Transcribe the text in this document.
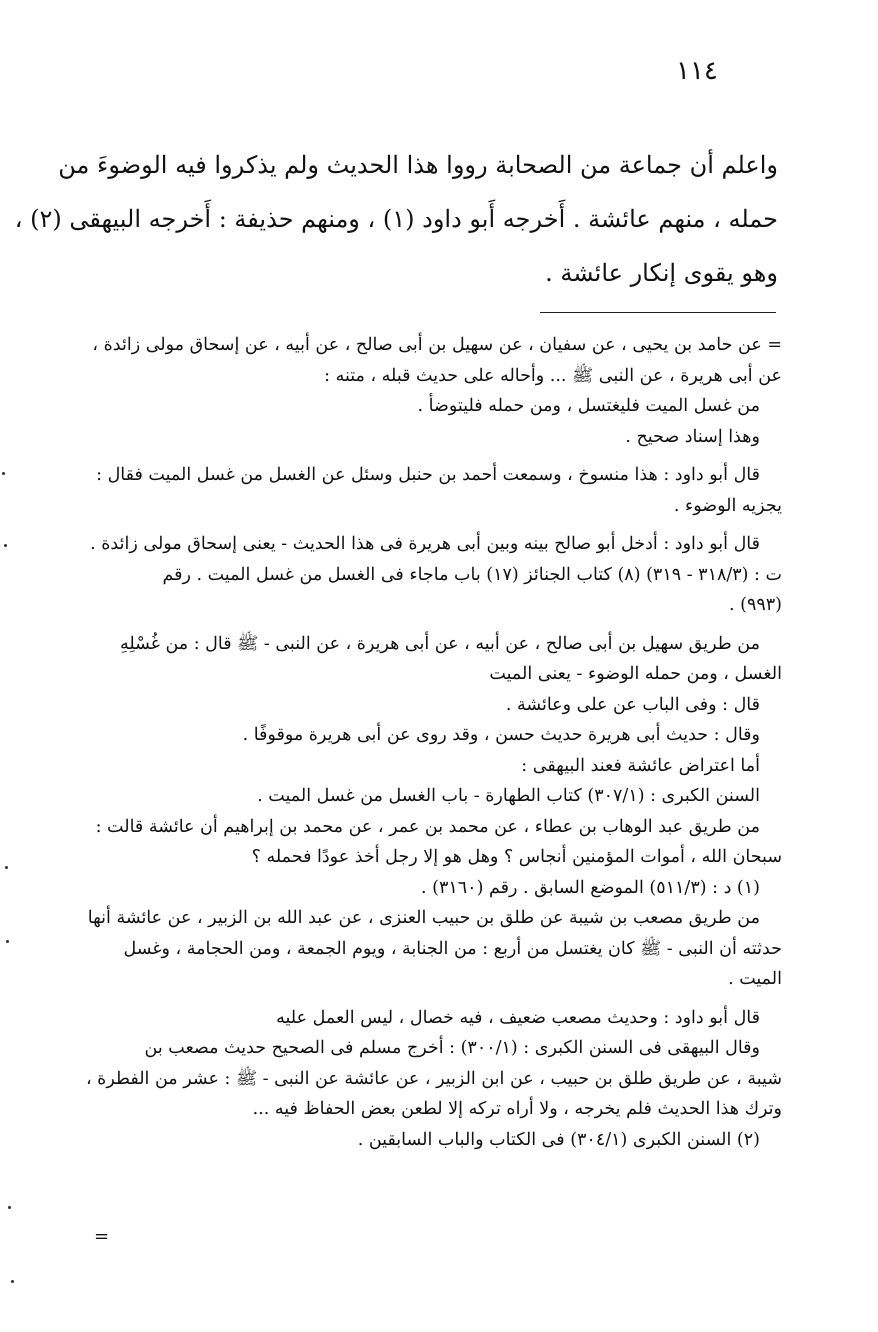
١١٤
واعلم أن جماعة من الصحابة رووا هذا الحديث ولم يذكروا فيه الوضوءَ من
حمله ، منهم عائشة . أَخرجه أَبو داود (١) ، ومنهم حذيفة : أَخرجه البيهقى (٢) ،
وهو يقوى إنكار عائشة .
= عن حامد بن يحيى ، عن سفيان ، عن سهيل بن أبى صالح ، عن أبيه ، عن إسحاق مولى زائدة ،
عن أبى هريرة ، عن النبى ﷺ ... وأحاله على حديث قبله ، متنه :
من غسل الميت فليغتسل ، ومن حمله فليتوضأ .
وهذا إسناد صحيح .
قال أبو داود : هذا منسوخ ، وسمعت أحمد بن حنبل وسئل عن الغسل من غسل الميت فقال :
يجزيه الوضوء .
قال أبو داود : أدخل أبو صالح بينه وبين أبى هريرة فى هذا الحديث - يعنى إسحاق مولى زائدة .
ت : (٣١٨/٣ - ٣١٩) (٨) كتاب الجنائز (١٧) باب ماجاء فى الغسل من غسل الميت . رقم
(٩٩٣) .
من طريق سهيل بن أبى صالح ، عن أبيه ، عن أبى هريرة ، عن النبى - ﷺ قال : من غُسْلِهِ
الغسل ، ومن حمله الوضوء - يعنى الميت
قال : وفى الباب عن على وعائشة .
وقال : حديث أبى هريرة حديث حسن ، وقد روى عن أبى هريرة موقوفًا .
أما اعتراض عائشة فعند البيهقى :
السنن الكبرى : (٣٠٧/١) كتاب الطهارة - باب الغسل من غسل الميت .
من طريق عبد الوهاب بن عطاء ، عن محمد بن عمر ، عن محمد بن إبراهيم أن عائشة قالت :
سبحان الله ، أموات المؤمنين أنجاس ؟ وهل هو إلا رجل أخذ عودًا فحمله ؟
(١) د : (٥١١/٣) الموضع السابق . رقم (٣١٦٠) .
من طريق مصعب بن شيبة عن طلق بن حبيب العنزى ، عن عبد الله بن الزبير ، عن عائشة أنها
حدثته أن النبى - ﷺ كان يغتسل من أربع : من الجنابة ، ويوم الجمعة ، ومن الحجامة ، وغسل
الميت .
قال أبو داود : وحديث مصعب ضعيف ، فيه خصال ، ليس العمل عليه
وقال البيهقى فى السنن الكبرى : (٣٠٠/١) : أخرج مسلم فى الصحيح حديث مصعب بن
شيبة ، عن طريق طلق بن حبيب ، عن ابن الزبير ، عن عائشة عن النبى - ﷺ : عشر من الفطرة ،
وترك هذا الحديث فلم يخرجه ، ولا أراه تركه إلا لطعن بعض الحفاظ فيه ...
(٢) السنن الكبرى (٣٠٤/١) فى الكتاب والباب السابقين .
=
